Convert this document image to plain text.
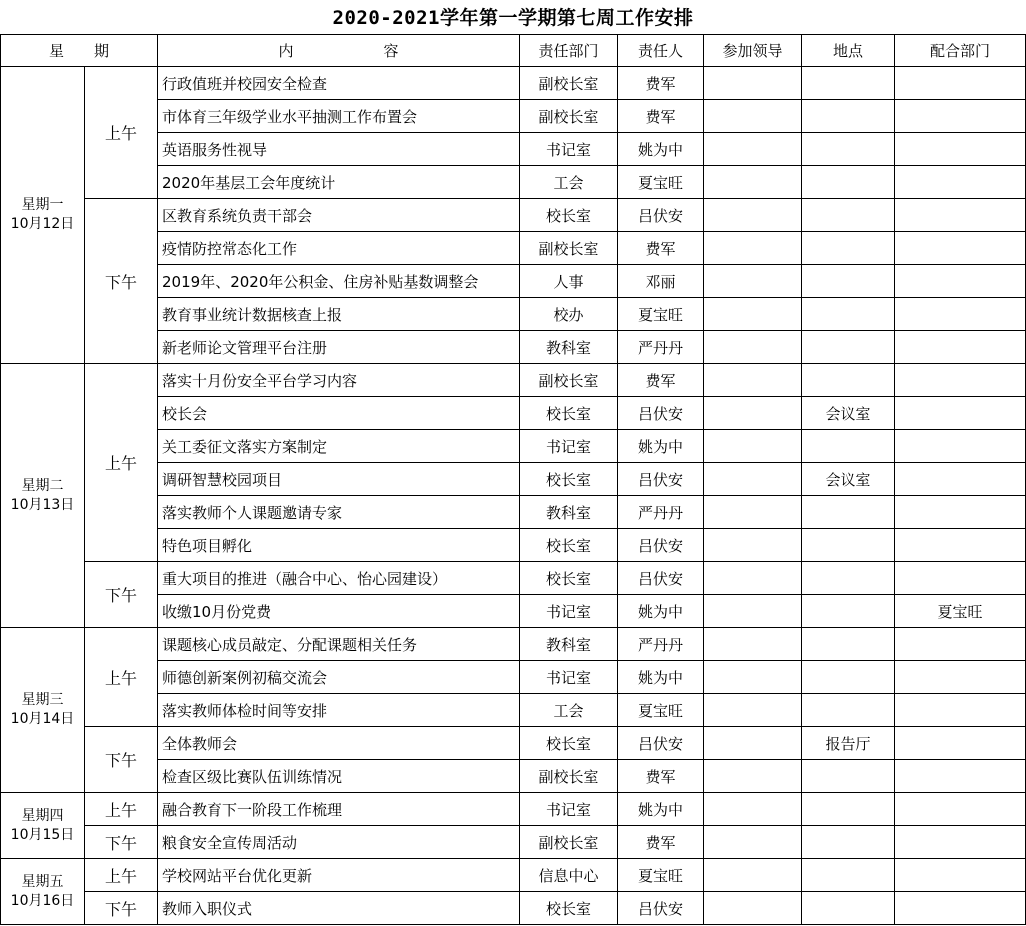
2020-2021学年第一学期第七周工作安排
星　　期		内　　　　　　容	责任部门	责任人	参加领导	地点	配合部门

星期一
10月12日	上午	行政值班并校园安全检查	副校长室	费军			
		市体育三年级学业水平抽测工作布置会	副校长室	费军			
		英语服务性视导	书记室	姚为中			
		2020年基层工会年度统计	工会	夏宝旺			
	下午	区教育系统负责干部会	校长室	吕伏安			
		疫情防控常态化工作	副校长室	费军			
		2019年、2020年公积金、住房补贴基数调整会	人事	邓丽			
		教育事业统计数据核查上报	校办	夏宝旺			
		新老师论文管理平台注册	教科室	严丹丹			

星期二
10月13日	上午	落实十月份安全平台学习内容	副校长室	费军			
		校长会	校长室	吕伏安		会议室	
		关工委征文落实方案制定	书记室	姚为中			
		调研智慧校园项目	校长室	吕伏安		会议室	
		落实教师个人课题邀请专家	教科室	严丹丹			
		特色项目孵化	校长室	吕伏安			
	下午	重大项目的推进（融合中心、怡心园建设）	校长室	吕伏安			
		收缴10月份党费	书记室	姚为中			夏宝旺

星期三
10月14日	上午	课题核心成员敲定、分配课题相关任务	教科室	严丹丹			
		师德创新案例初稿交流会	书记室	姚为中			
		落实教师体检时间等安排	工会	夏宝旺			
	下午	全体教师会	校长室	吕伏安		报告厅	
		检查区级比赛队伍训练情况	副校长室	费军			

星期四
10月15日	上午	融合教育下一阶段工作梳理	书记室	姚为中			
	下午	粮食安全宣传周活动	副校长室	费军			

星期五
10月16日	上午	学校网站平台优化更新	信息中心	夏宝旺			
	下午	教师入职仪式	校长室	吕伏安			
